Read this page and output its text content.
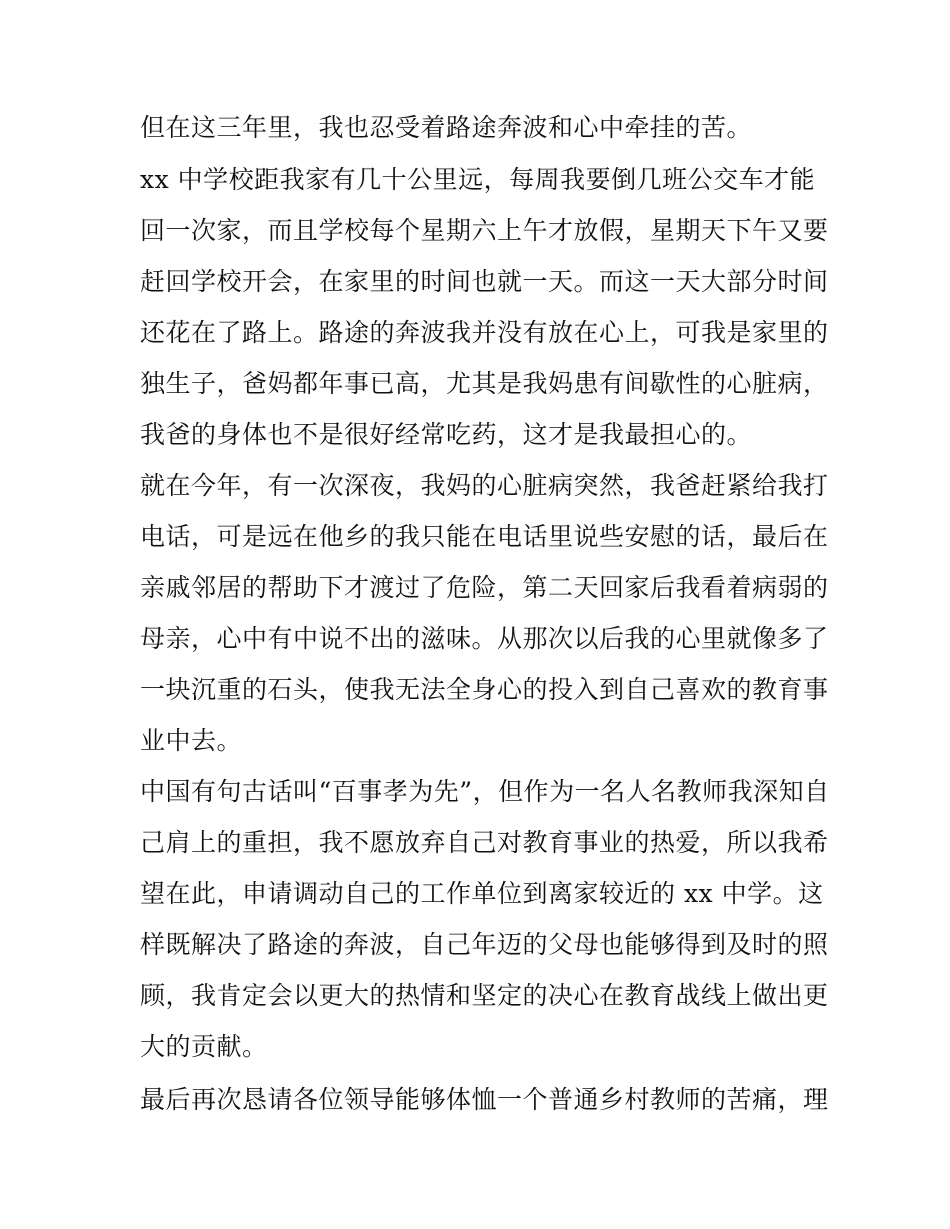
但在这三年里，我也忍受着路途奔波和心中牵挂的苦。
xx 中学校距我家有几十公里远，每周我要倒几班公交车才能
回一次家，而且学校每个星期六上午才放假，星期天下午又要
赶回学校开会，在家里的时间也就一天。而这一天大部分时间
还花在了路上。路途的奔波我并没有放在心上，可我是家里的
独生子，爸妈都年事已高，尤其是我妈患有间歇性的心脏病，
我爸的身体也不是很好经常吃药，这才是我最担心的。
就在今年，有一次深夜，我妈的心脏病突然，我爸赶紧给我打
电话，可是远在他乡的我只能在电话里说些安慰的话，最后在
亲戚邻居的帮助下才渡过了危险，第二天回家后我看着病弱的
母亲，心中有中说不出的滋味。从那次以后我的心里就像多了
一块沉重的石头，使我无法全身心的投入到自己喜欢的教育事
业中去。
中国有句古话叫“百事孝为先”，但作为一名人名教师我深知自
己肩上的重担，我不愿放弃自己对教育事业的热爱，所以我希
望在此，申请调动自己的工作单位到离家较近的 xx 中学。这
样既解决了路途的奔波，自己年迈的父母也能够得到及时的照
顾，我肯定会以更大的热情和坚定的决心在教育战线上做出更
大的贡献。
最后再次恳请各位领导能够体恤一个普通乡村教师的苦痛，理
